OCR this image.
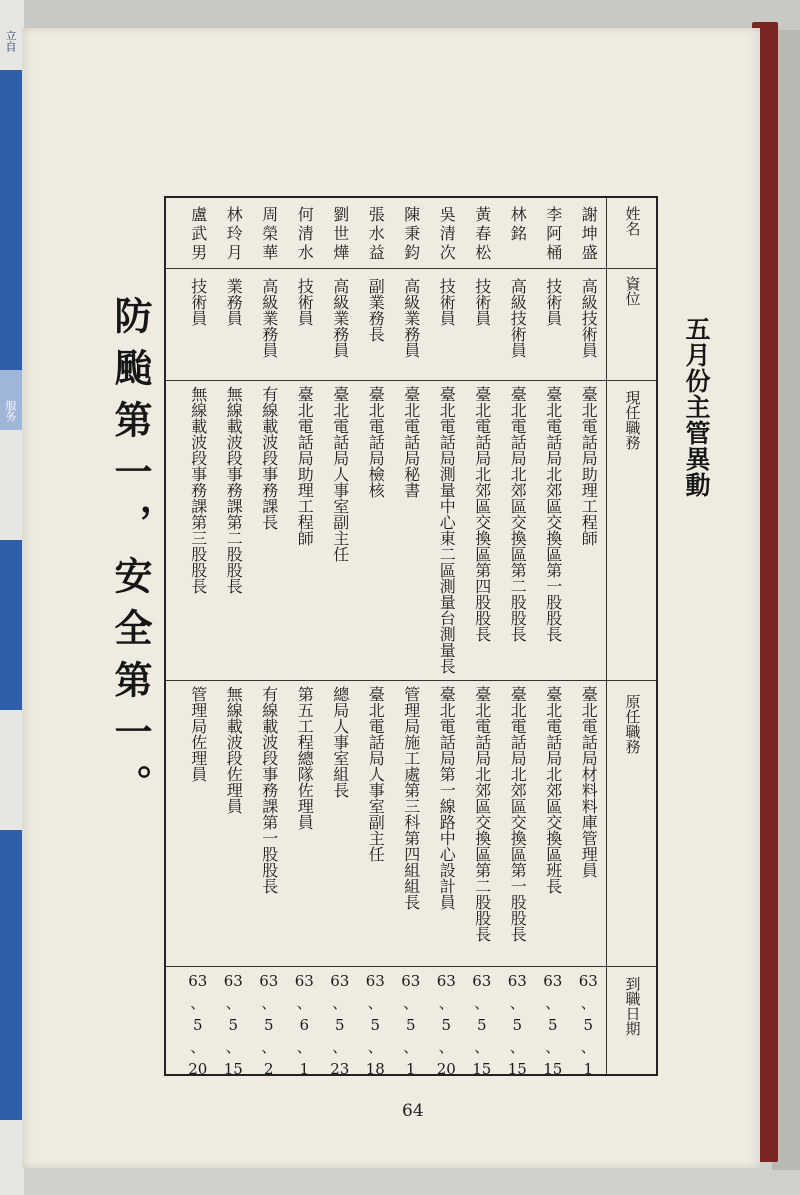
立自
服务 防颱第一，安全第一。	五月份主管異動
64
姓名
資位
現任職務
原任職務
到職日期
謝坤盛
高級技術員
臺北電話局助理工程師
臺北電話局材料料庫管理員
63
、
5
、
1
李阿桶
技術員
臺北電話局北郊區交換區第一股股長
臺北電話局北郊區交換區班長
63
、
5
、
15
林銘
高級技術員
臺北電話局北郊區交換區第二股股長
臺北電話局北郊區交換區第一股股長
63
、
5
、
15
黃春松
技術員
臺北電話局北郊區交換區第四股股長
臺北電話局北郊區交換區第二股股長
63
、
5
、
15
吳清次
技術員
臺北電話局測量中心東二區測量台測量長
臺北電話局第一線路中心設計員
63
、
5
、
20
陳秉鈞
高級業務員
臺北電話局秘書
管理局施工處第三科第四組組長
63
、
5
、
1
張水益
副業務長
臺北電話局檢核
臺北電話局人事室副主任
63
、
5
、
18
劉世燁
高級業務員
臺北電話局人事室副主任
總局人事室組長
63
、
5
、
23
何清水
技術員
臺北電話局助理工程師
第五工程總隊佐理員
63
、
6
、
1
周榮華
高級業務員
有線載波段事務課長
有線載波段事務課第一股股長
63
、
5
、
2
林玲月
業務員
無線載波段事務課第二股股長
無線載波段佐理員
63
、
5
、
15
盧武男
技術員
無線載波段事務課第三股股長
管理局佐理員
63
、
5
、
20
